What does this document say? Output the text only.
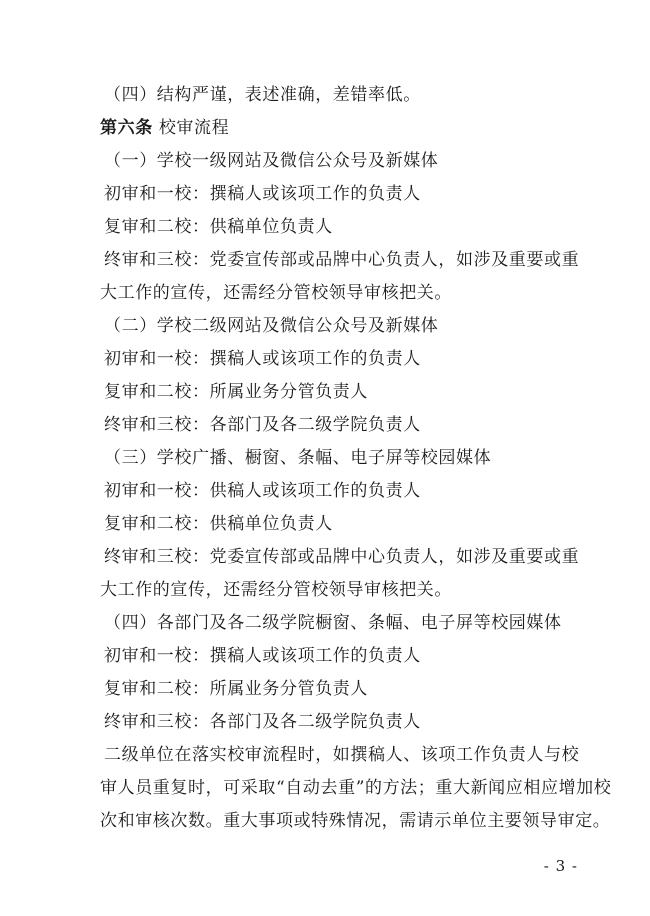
（四）结构严谨，表述准确，差错率低。
第六条 校审流程
（一）学校一级网站及微信公众号及新媒体
初审和一校：撰稿人或该项工作的负责人
复审和二校：供稿单位负责人
终审和三校：党委宣传部或品牌中心负责人，如涉及重要或重
大工作的宣传，还需经分管校领导审核把关。
（二）学校二级网站及微信公众号及新媒体
初审和一校：撰稿人或该项工作的负责人
复审和二校：所属业务分管负责人
终审和三校：各部门及各二级学院负责人
（三）学校广播、橱窗、条幅、电子屏等校园媒体
初审和一校：供稿人或该项工作的负责人
复审和二校：供稿单位负责人
终审和三校：党委宣传部或品牌中心负责人，如涉及重要或重
大工作的宣传，还需经分管校领导审核把关。
（四）各部门及各二级学院橱窗、条幅、电子屏等校园媒体
初审和一校：撰稿人或该项工作的负责人
复审和二校：所属业务分管负责人
终审和三校：各部门及各二级学院负责人
二级单位在落实校审流程时，如撰稿人、该项工作负责人与校
审人员重复时，可采取“自动去重”的方法；重大新闻应相应增加校
次和审核次数。重大事项或特殊情况，需请示单位主要领导审定。
- 3 -
